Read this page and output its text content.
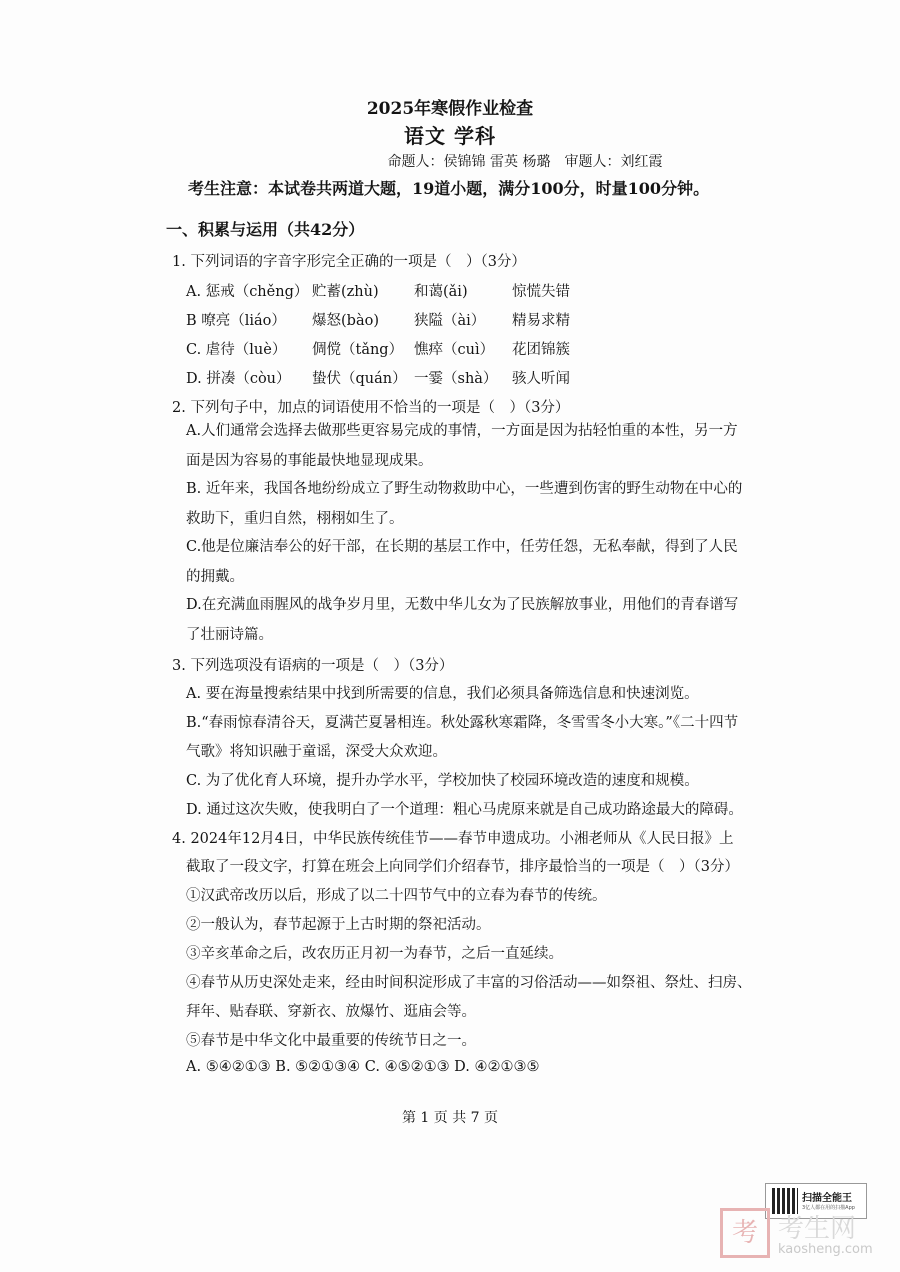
2025年寒假作业检查
语文 学科
命题人：侯锦锦 雷英 杨璐　审题人：刘红霞
考生注意：本试卷共两道大题，19道小题，满分100分，时量100分钟。
一、积累与运用（共42分）
1. 下列词语的字音字形完全正确的一项是（　）（3分）
A. 惩戒（chěng） 贮蓄(zhù)	和蔼(ǎi)	惊慌失错
B 嘹亮（liáo）	爆怒(bào)	狭隘（ài）	精易求精
C. 虐待（luè）	倜傥（tǎng） 憔瘁（cuì）	花团锦簇
D. 拼凑（còu）	蛰伏（quán） 一霎（shà）	骇人听闻
2. 下列句子中，加点的词语使用不恰当的一项是（　）（3分）
A.人们通常会选择去做那些更容易完成的事情，一方面是因为拈轻怕重的本性，另一方面是因为容易的事能最快地显现成果。
B. 近年来，我国各地纷纷成立了野生动物救助中心，一些遭到伤害的野生动物在中心的救助下，重归自然，栩栩如生了。
C.他是位廉洁奉公的好干部，在长期的基层工作中，任劳任怨，无私奉献，得到了人民的拥戴。
D.在充满血雨腥风的战争岁月里，无数中华儿女为了民族解放事业，用他们的青春谱写了壮丽诗篇。
3. 下列选项没有语病的一项是（　）（3分）
A. 要在海量搜索结果中找到所需要的信息，我们必须具备筛选信息和快速浏览。
B.“春雨惊春清谷天，夏满芒夏暑相连。秋处露秋寒霜降，冬雪雪冬小大寒。”《二十四节
气歌》将知识融于童谣，深受大众欢迎。
C. 为了优化育人环境，提升办学水平，学校加快了校园环境改造的速度和规模。
D. 通过这次失败，使我明白了一个道理：粗心马虎原来就是自己成功路途最大的障碍。
4. 2024年12月4日，中华民族传统佳节——春节申遗成功。小湘老师从《人民日报》上
截取了一段文字，打算在班会上向同学们介绍春节，排序最恰当的一项是（　）（3分）
①汉武帝改历以后，形成了以二十四节气中的立春为春节的传统。
②一般认为，春节起源于上古时期的祭祀活动。
③辛亥革命之后，改农历正月初一为春节，之后一直延续。
④春节从历史深处走来，经由时间积淀形成了丰富的习俗活动——如祭祖、祭灶、扫房、
拜年、贴春联、穿新衣、放爆竹、逛庙会等。
⑤春节是中华文化中最重要的传统节日之一。
A. ⑤④②①③ B. ⑤②①③④ C. ④⑤②①③ D. ④②①③⑤
第 1 页 共 7 页
扫描全能王
3亿人都在用的扫描App
考 考生网
kaosheng.com
